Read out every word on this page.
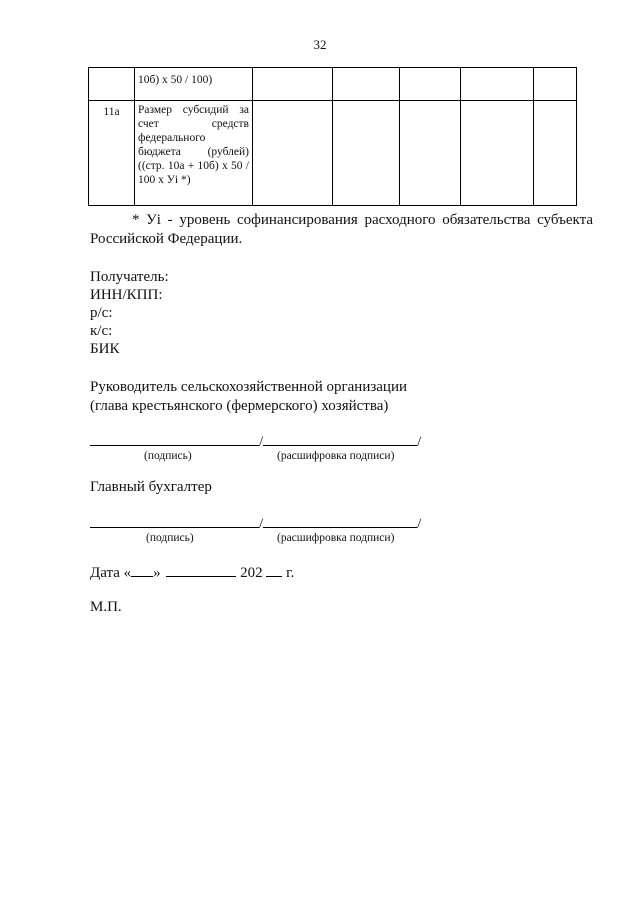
32
	10б) х 50 / 100)					
11а	Размер субсидий за счет средств федерального бюджета (рублей) ((стр. 10а + 10б) х 50 / 100 х Уi *)					
* Уi - уровень софинансирования расходного обязательства субъекта Российской Федерации.
Получатель:
ИНН/КПП:
р/с:
к/с:
БИК
Руководитель сельскохозяйственной организации
(глава крестьянского (фермерского) хозяйства)
/	/
(подпись)	(расшифровка подписи)
Главный бухгалтер
/	/
(подпись)	(расшифровка подписи)
Дата « »	202 г.
М.П.
